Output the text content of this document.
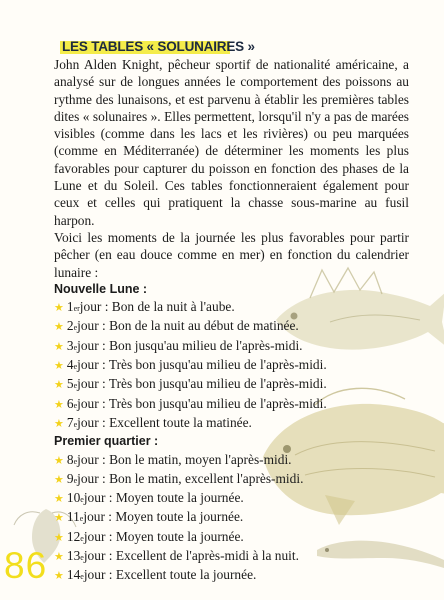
LES TABLES « SOLUNAIRES »

John Alden Knight, pêcheur sportif de nationalité américaine, a analysé sur de longues années le comportement des poissons au rythme des lunaisons, et est parvenu à établir les premières tables dites « solunaires ». Elles permettent, lorsqu'il n'y a pas de marées visibles (comme dans les lacs et les rivières) ou peu marquées (comme en Méditerranée) de déterminer les moments les plus favorables pour capturer du poisson en fonction des phases de la Lune et du Soleil. Ces tables fonctionneraient également pour ceux et celles qui pratiquent la chasse sous-marine au fusil harpon.

Voici les moments de la journée les plus favorables pour partir pêcher (en eau douce comme en mer) en fonction du calendrier lunaire :

Nouvelle Lune :

★ 1 er jour : Bon de la nuit à l'aube.
★ 2 e jour : Bon de la nuit au début de matinée.
★ 3 e jour : Bon jusqu'au milieu de l'après-midi.
★ 4 e jour : Très bon jusqu'au milieu de l'après-midi.
★ 5 e jour : Très bon jusqu'au milieu de l'après-midi.
★ 6 e jour : Très bon jusqu'au milieu de l'après-midi.
★ 7 e jour : Excellent toute la matinée.

Premier quartier :

★ 8 e jour : Bon le matin, moyen l'après-midi.
★ 9 e jour : Bon le matin, excellent l'après-midi.
★ 10 e jour : Moyen toute la journée.
★ 11 e jour : Moyen toute la journée.
★ 12 e jour : Moyen toute la journée.
★ 13 e jour : Excellent de l'après-midi à la nuit.
★ 14 e jour : Excellent toute la journée.
86
